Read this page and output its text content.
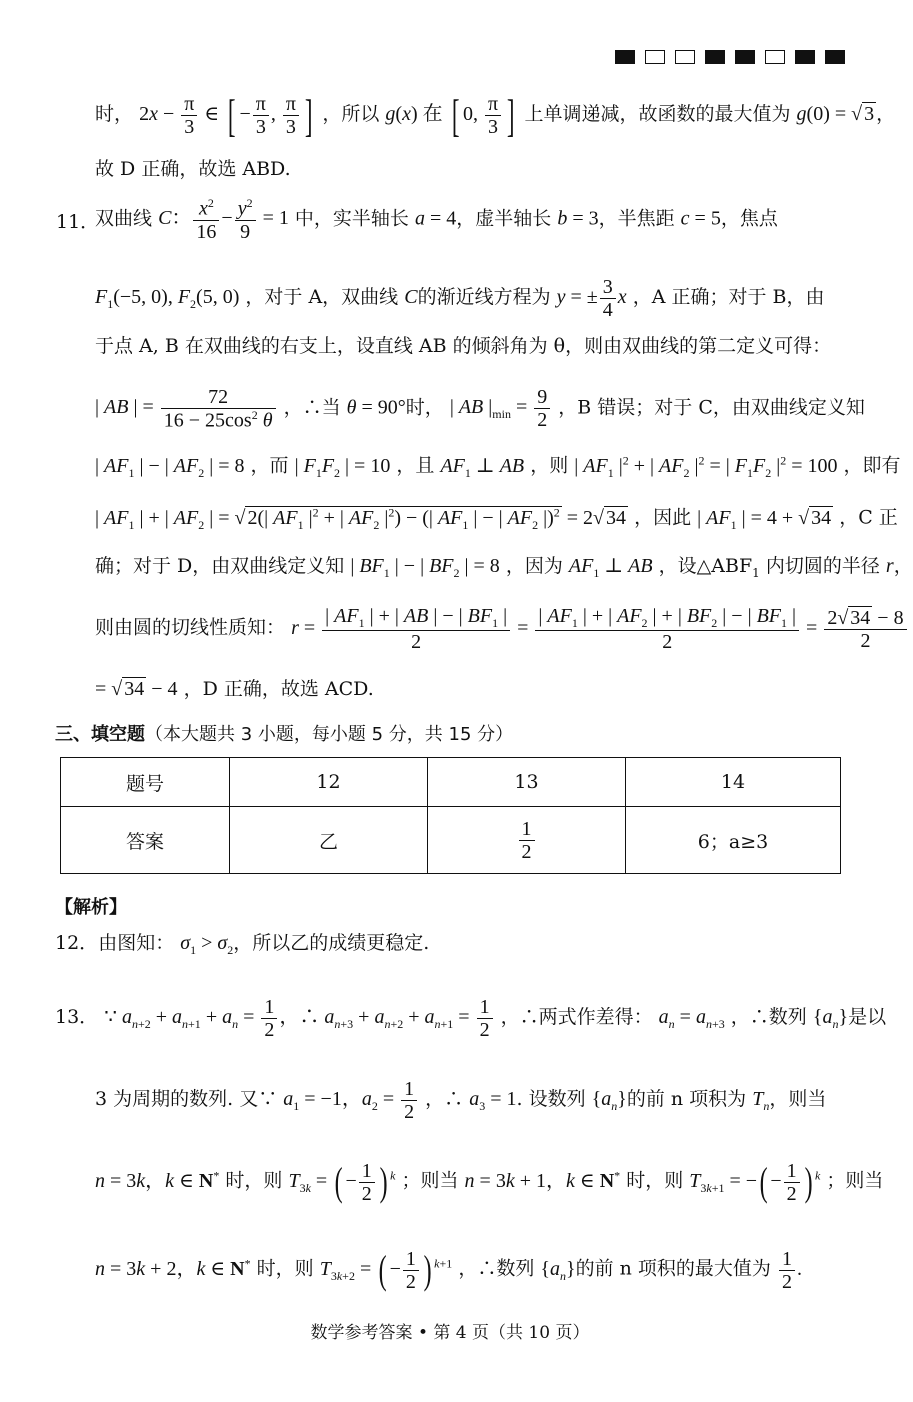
时， $2x - \frac{\pi}{3}$ ∈ [ − $\frac{\pi}{3}$ , $\frac{\pi}{3}$ ] ，所以 g(x) 在 [ 0, $\frac{\pi}{3}$ ] 上单调递减，故函数的最大值为 g(0) = √ 3 ，
故 D 正确，故选 ABD.
11．
双曲线 C： $\frac{x^2}{16} - \frac{y^2}{9} = 1$ 中，实半轴长 a = 4，虚半轴长 b = 3，半焦距 c = 5，焦点
$F_1(-5$, 0), $F_2(5$, 0) ，对于 A，双曲线 C的渐近线方程为 y = ± $\frac{3}{4}$ x ，A 正确；对于 B，由
于点 A, B 在双曲线的右支上，设直线 AB 的倾斜角为 θ，则由双曲线的第二定义可得：
| AB | = $\frac{72}{16 - 25\cos^2 \theta}$ ，∴当 θ = 90°时， | AB $|_{min} = \frac{9}{2}$ ，B 错误；对于 C，由双曲线定义知
| $AF_1$ | − | $AF_2$ | = 8 ，而 | $F_1F_2$ | = 10 ，且 $AF_1$ ⊥ AB ，则 | $AF_1$ $|^2$ + | $AF_2$ $|^2$ = | $F_1F_2$ $|^2 = 100$ ，即有
| $AF_1$ | + | $AF_2$ | = √ 2(| $AF_1$ $|^2$ + | $AF_2$ $|^2$) − (| $AF_1$ | − | $AF_2$ |)$^2$ = 2√ 34 ，因此 | $AF_1$ | = 4 + √ 34 ，C 正
确；对于 D，由双曲线定义知 | $BF_1$ | − | $BF_2$ | = 8 ，因为 $AF_1$ ⊥ AB ，设$\triangle ABF_1$ 内切圆的半径 r，
则由圆的切线性质知： $r = \frac{| AF_1 | + | AB | - | BF_1 |}{2} = \frac{| AF_1 | + | AF_2 | + | BF_2 | - | BF_1 |}{2} = \frac{2√ 34 - 8}{2}$
= √ 34 − 4 ，D 正确，故选 ACD.
三、填空题（本大题共 3 小题，每小题 5 分，共 15 分）
题号	12	13	14
答案	乙	$\frac{1}{2}$	6；a≥3
【解析】
12．由图知： $\sigma_1 > \sigma_2$，所以乙的成绩更稳定.
13． ∵ $a_{n+2} + a_{n+1} + a_n = \frac{1}{2}$ ，∴ $a_{n+3} + a_{n+2} + a_{n+1} = \frac{1}{2}$ ，∴两式作差得： $a_n = a_{n+3}$ ，∴数列 $\{a_n\}$是以
3 为周期的数列. 又∵ $a_1 = -1$，$a_2 = \frac{1}{2}$ ，∴ $a_3 = 1$. 设数列 $\{a_n\}$的前 n 项积为 $T_n$，则当
n = 3k，k ∈ N* 时，则 $T_{3k}$ = ( − $\frac{1}{2}$ ) $^k$ ；则当 n = 3k + 1，k ∈ N* 时，则 $T_{3k+1}$ = −( − $\frac{1}{2}$ ) $^k$ ；则当
n = 3k + 2，k ∈ N* 时，则 $T_{3k+2}$ = ( − $\frac{1}{2}$ ) $^{k+1}$ ，∴数列 $\{a_n\}$的前 n 项积的最大值为 $\frac{1}{2}$ .
数学参考答案 • 第 4 页（共 10 页）
